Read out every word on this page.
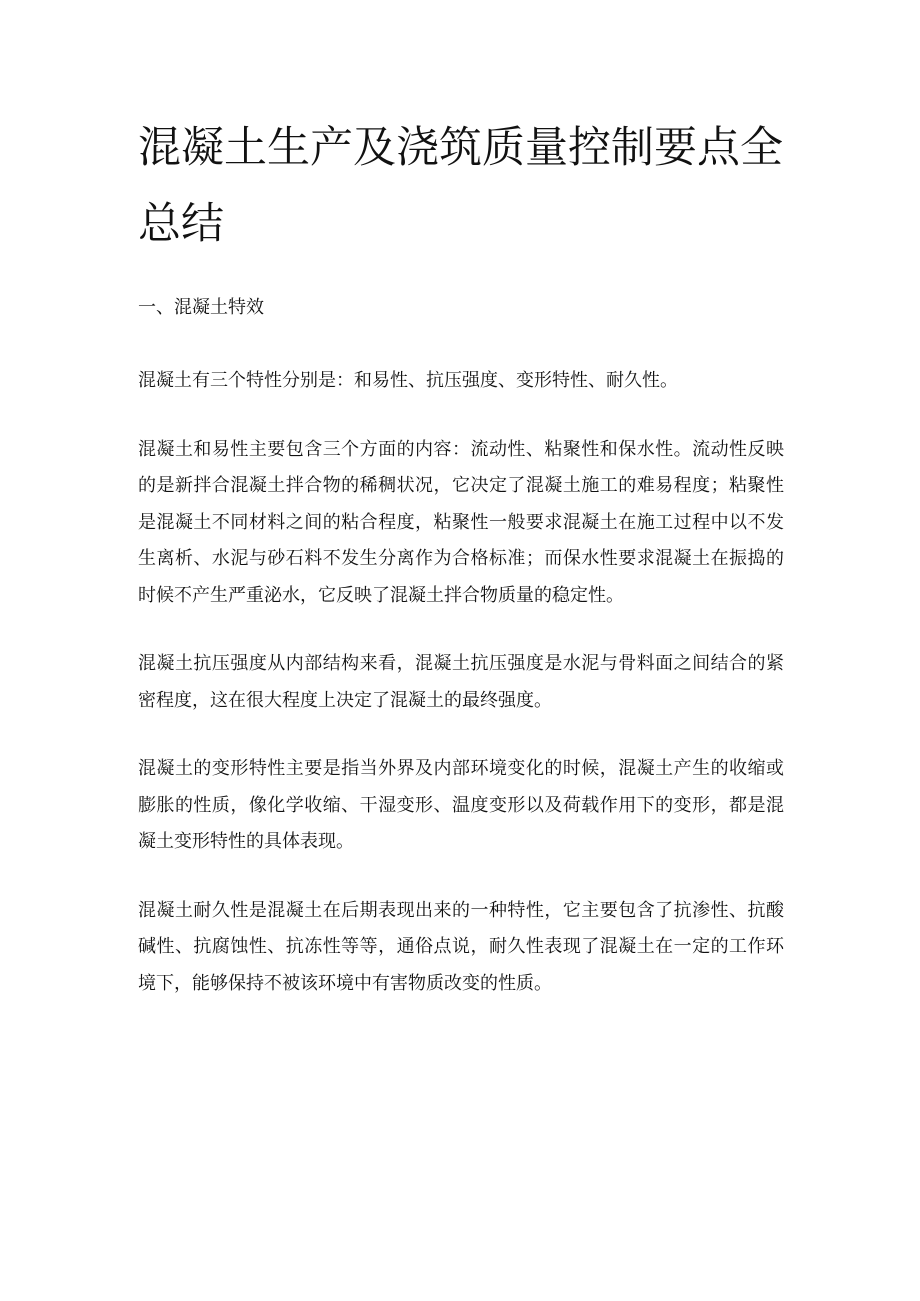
混凝土生产及浇筑质量控制要点全总结

一、混凝土特效

混凝土有三个特性分别是：和易性、抗压强度、变形特性、耐久性。

混凝土和易性主要包含三个方面的内容：流动性、粘聚性和保水性。流动性反映的是新拌合混凝土拌合物的稀稠状况，它决定了混凝土施工的难易程度；粘聚性是混凝土不同材料之间的粘合程度，粘聚性一般要求混凝土在施工过程中以不发生离析、水泥与砂石料不发生分离作为合格标准；而保水性要求混凝土在振捣的时候不产生严重泌水，它反映了混凝土拌合物质量的稳定性。

混凝土抗压强度从内部结构来看，混凝土抗压强度是水泥与骨料面之间结合的紧密程度，这在很大程度上决定了混凝土的最终强度。

混凝土的变形特性主要是指当外界及内部环境变化的时候，混凝土产生的收缩或膨胀的性质，像化学收缩、干湿变形、温度变形以及荷载作用下的变形，都是混凝土变形特性的具体表现。

混凝土耐久性是混凝土在后期表现出来的一种特性，它主要包含了抗渗性、抗酸碱性、抗腐蚀性、抗冻性等等，通俗点说，耐久性表现了混凝土在一定的工作环境下，能够保持不被该环境中有害物质改变的性质。
